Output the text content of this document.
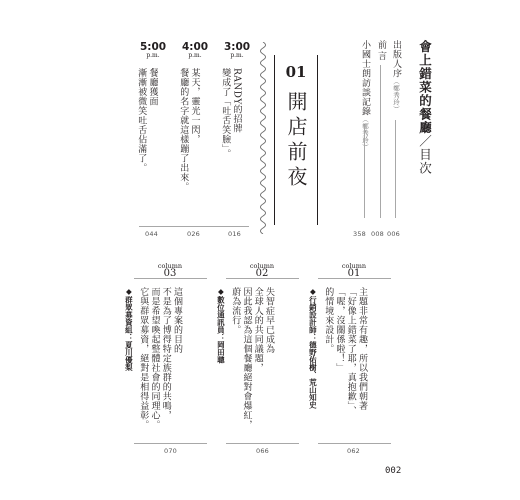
會上錯菜的餐廳／目次
出版人序（鄭秀玲）
前言
小國士朗訪談記錄（鄭秀玲）
358 008 006
01
開店前夜
3:00
p.m.
RANDY的招牌
變成了「吐舌笑臉」。
016
4:00
p.m.
某天，靈光一閃，
餐廳的名字就這樣蹦了出來。
026
5:00
p.m.
餐廳獲面
漸漸被微笑吐舌佔滿了。
044
column
01
主題非常有趣，所以我們朝著
「好像上錯菜了耶，真抱歉」、
「喔，沒關係啦！」
的情境來設計。
◆行銷設計師：德野佑樹、荒山知史
062
column
02
失智症早已成為
全球人的共同議題，
因此我認為這個餐廳絕對會爆紅，
蔚為流行。
◆數位通訊員：岡田聰
066
column
03
這個專案的目的
不是為了博得特定族群的共鳴，
而是希望喚起整體社會的同理心。
它與群眾募資，絕對是相得益彰。
◆群眾募資組：夏川優梨
070
002
